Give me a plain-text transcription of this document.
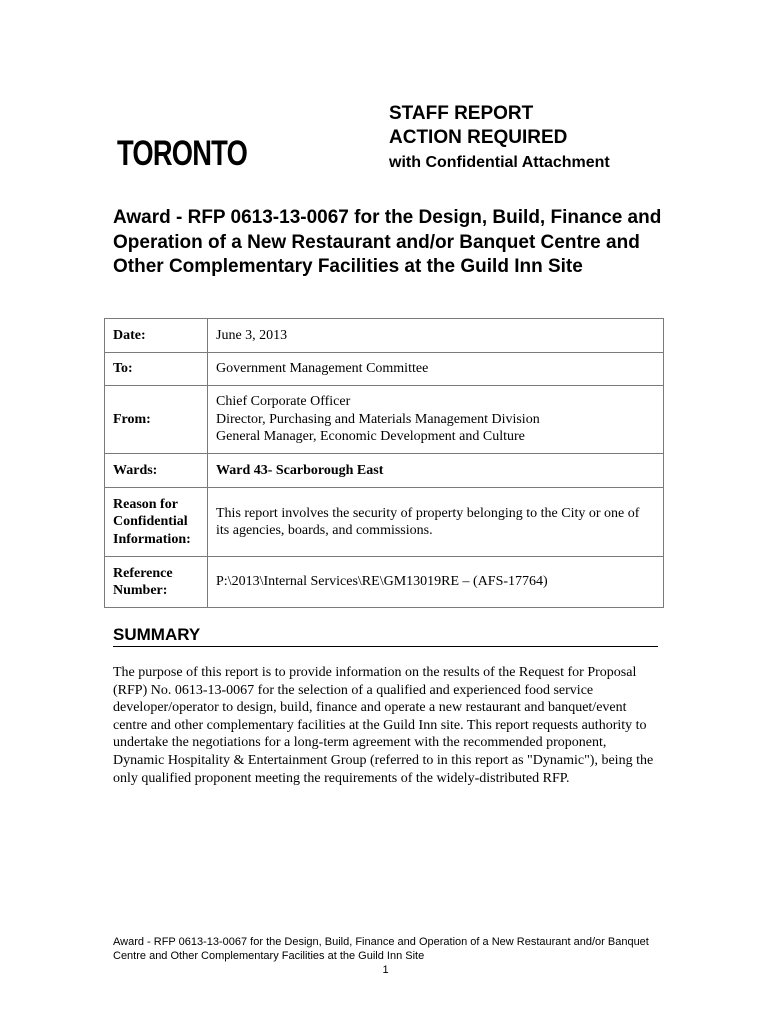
TORONTO
STAFF REPORT
ACTION REQUIRED
with Confidential Attachment
Award - RFP 0613-13-0067 for the Design, Build, Finance and Operation of a New Restaurant and/or Banquet Centre and Other Complementary Facilities at the Guild Inn Site
Date:	June 3, 2013
To:	Government Management Committee
From:	Chief Corporate Officer
Director, Purchasing and Materials Management Division
General Manager, Economic Development and Culture

Wards:	Ward 43- Scarborough East

Reason for
Confidential
Information:	This report involves the security of property belonging to the City or one of its agencies, boards, and commissions.

Reference
Number:	P:\2013\Internal Services\RE\GM13019RE – (AFS-17764)
SUMMARY
The purpose of this report is to provide information on the results of the Request for Proposal (RFP) No. 0613-13-0067 for the selection of a qualified and experienced food service developer/operator to design, build, finance and operate a new restaurant and banquet/event centre and other complementary facilities at the Guild Inn site. This report requests authority to undertake the negotiations for a long-term agreement with the recommended proponent, Dynamic Hospitality & Entertainment Group (referred to in this report as "Dynamic"), being the only qualified proponent meeting the requirements of the widely-distributed RFP.
Award - RFP 0613-13-0067 for the Design, Build, Finance and Operation of a New Restaurant and/or Banquet Centre and Other Complementary Facilities at the Guild Inn Site
1
